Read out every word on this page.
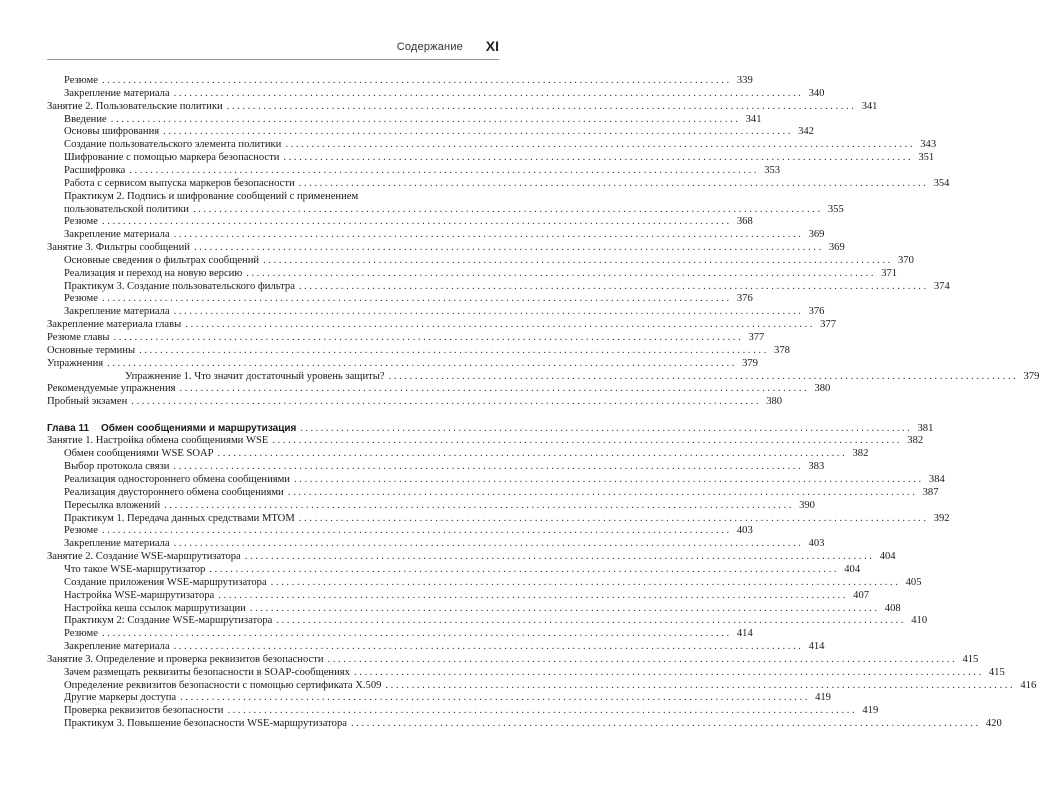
Содержание XI
Резюме ........................................................................................................................ 339
Закрепление материала ........................................................................................................................ 340
Занятие 2. Пользовательские политики ........................................................................................................................ 341
Введение ........................................................................................................................ 341
Основы шифрования ........................................................................................................................ 342
Создание пользовательского элемента политики ........................................................................................................................ 343
Шифрование с помощью маркера безопасности ........................................................................................................................ 351
Расшифровка ........................................................................................................................ 353
Работа с сервисом выпуска маркеров безопасности ........................................................................................................................ 354
Практикум 2. Подпись и шифрование сообщений с применением
пользовательской политики ........................................................................................................................ 355
Резюме ........................................................................................................................ 368
Закрепление материала ........................................................................................................................ 369
Занятие 3. Фильтры сообщений ........................................................................................................................ 369
Основные сведения о фильтрах сообщений ........................................................................................................................ 370
Реализация и переход на новую версию ........................................................................................................................ 371
Практикум 3. Создание пользовательского фильтра ........................................................................................................................ 374
Резюме ........................................................................................................................ 376
Закрепление материала ........................................................................................................................ 376
Закрепление материала главы ........................................................................................................................ 377
Резюме главы ........................................................................................................................ 377
Основные термины ........................................................................................................................ 378
Упражнения ........................................................................................................................ 379
Упражнение 1. Что значит достаточный уровень защиты? ........................................................................................................................ 379
Рекомендуемые упражнения ........................................................................................................................ 380
Пробный экзамен ........................................................................................................................ 380
Глава 11 Обмен сообщениями и маршрутизация ........................................................................................................................ 381
Занятие 1. Настройка обмена сообщениями WSE ........................................................................................................................ 382
Обмен сообщениями WSE SOAP ........................................................................................................................ 382
Выбор протокола связи ........................................................................................................................ 383
Реализация одностороннего обмена сообщениями ........................................................................................................................ 384
Реализация двустороннего обмена сообщениями ........................................................................................................................ 387
Пересылка вложений ........................................................................................................................ 390
Практикум 1. Передача данных средствами MTOM ........................................................................................................................ 392
Резюме ........................................................................................................................ 403
Закрепление материала ........................................................................................................................ 403
Занятие 2. Создание WSE-маршрутизатора ........................................................................................................................ 404
Что такое WSE-маршрутизатор ........................................................................................................................ 404
Создание приложения WSE-маршрутизатора ........................................................................................................................ 405
Настройка WSE-маршрутизатора ........................................................................................................................ 407
Настройка кеша ссылок маршрутизации ........................................................................................................................ 408
Практикум 2: Создание WSE-маршрутизатора ........................................................................................................................ 410
Резюме ........................................................................................................................ 414
Закрепление материала ........................................................................................................................ 414
Занятие 3. Определение и проверка реквизитов безопасности ........................................................................................................................ 415
Зачем размещать реквизиты безопасности в SOAP-сообщениях ........................................................................................................................ 415
Определение реквизитов безопасности с помощью сертификата X.509 ........................................................................................................................ 416
Другие маркеры доступа ........................................................................................................................ 419
Проверка реквизитов безопасности ........................................................................................................................ 419
Практикум 3. Повышение безопасности WSE-маршрутизатора ........................................................................................................................ 420
